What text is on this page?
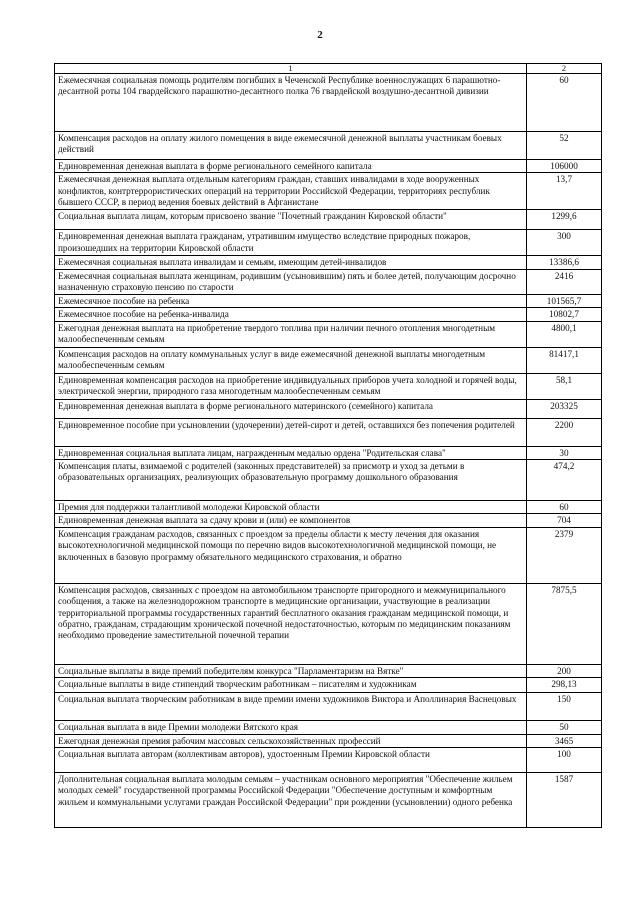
2
1	2
Ежемесячная социальная помощь родителям погибших в Чеченской Республике военнослужащих 6 парашютно-десантной роты 104 гвардейского парашютно-десантного полка 76 гвардейской воздушно-десантной дивизии	60
Компенсация расходов на оплату жилого помещения в виде ежемесячной денежной выплаты участникам боевых действий	52
Единовременная денежная выплата в форме регионального семейного капитала	106000
Ежемесячная денежная выплата отдельным категориям граждан, ставших инвалидами в ходе вооруженных конфликтов, контртеррористических операций на территории Российской Федерации, территориях республик бывшего СССР, в период ведения боевых действий в Афганистане	13,7
Социальная выплата лицам, которым присвоено звание "Почетный гражданин Кировской области"	1299,6
Единовременная денежная выплата гражданам, утратившим имущество вследствие природных пожаров, произошедших на территории Кировской области	300
Ежемесячная социальная выплата инвалидам и семьям, имеющим детей-инвалидов	13386,6
Ежемесячная социальная выплата женщинам, родившим (усыновившим) пять и более детей, получающим досрочно назначенную страховую пенсию по старости	2416
Ежемесячное пособие на ребенка	101565,7
Ежемесячное пособие на ребенка-инвалида	10802,7
Ежегодная денежная выплата на приобретение твердого топлива при наличии печного отопления многодетным малообеспеченным семьям	4800,1
Компенсация расходов на оплату коммунальных услуг в виде ежемесячной денежной выплаты многодетным малообеспеченным семьям	81417,1
Единовременная компенсация расходов на приобретение индивидуальных приборов учета холодной и горячей воды, электрической энергии, природного газа многодетным малообеспеченным семьям	58,1
Единовременная денежная выплата в форме регионального материнского (семейного) капитала	203325
Единовременное пособие при усыновлении (удочерении) детей-сирот и детей, оставшихся без попечения родителей	2200
Единовременная социальная выплата лицам, награжденным медалью ордена "Родительская слава"	30
Компенсация платы, взимаемой с родителей (законных представителей) за присмотр и уход за детьми в образовательных организациях, реализующих образовательную программу дошкольного образования	474,2
Премия для поддержки талантливой молодежи Кировской области	60
Единовременная денежная выплата за сдачу крови и (или) ее компонентов	704
Компенсация гражданам расходов, связанных с проездом за пределы области к месту лечения для оказания высокотехнологичной медицинской помощи по перечню видов высокотехнологичной медицинской помощи, не включенных в базовую программу обязательного медицинского страхования, и обратно	2379
Компенсация расходов, связанных с проездом на автомобильном транспорте пригородного и межмуниципального сообщения, а также на железнодорожном транспорте в медицинские организации, участвующие в реализации территориальной программы государственных гарантий бесплатного оказания гражданам медицинской помощи, и обратно, гражданам, страдающим хронической почечной недостаточностью, которым по медицинским показаниям необходимо проведение заместительной почечной терапии	7875,5
Социальные выплаты в виде премий победителям конкурса "Парламентаризм на Вятке"	200
Социальные выплаты в виде стипендий творческим работникам – писателям и художникам	298,13
Социальная выплата творческим работникам в виде премии имени художников Виктора и Аполлинария Васнецовых	150
Социальная выплата в виде Премии молодежи Вятского края	50
Ежегодная денежная премия рабочим массовых сельскохозяйственных профессий	3465
Социальная выплата авторам (коллективам авторов), удостоенным Премии Кировской области	100
Дополнительная социальная выплата молодым семьям – участникам основного мероприятия "Обеспечение жильем молодых семей" государственной программы Российской Федерации "Обеспечение доступным и комфортным жильем и коммунальными услугами граждан Российской Федерации" при рождении (усыновлении) одного ребенка	1587
